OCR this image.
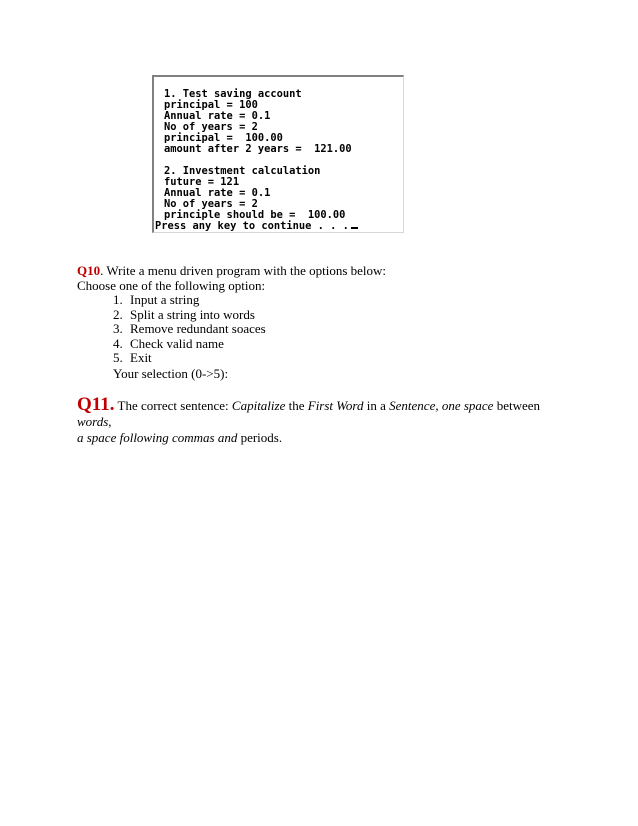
1. Test saving account
principal = 100
Annual rate = 0.1
No of years = 2
principal =  100.00
amount after 2 years =  121.00
2. Investment calculation
future = 121
Annual rate = 0.1
No of years = 2
principle should be =  100.00
Press any key to continue . . .
Q10. Write a menu driven program with the options below:
Choose one of the following option:
1. Input a string
2. Split a string into words
3. Remove redundant soaces
4. Check valid name
5. Exit
Your selection (0->5):
Q11. The correct sentence: Capitalize the First Word in a Sentence, one space between words,
a space following commas and periods.
